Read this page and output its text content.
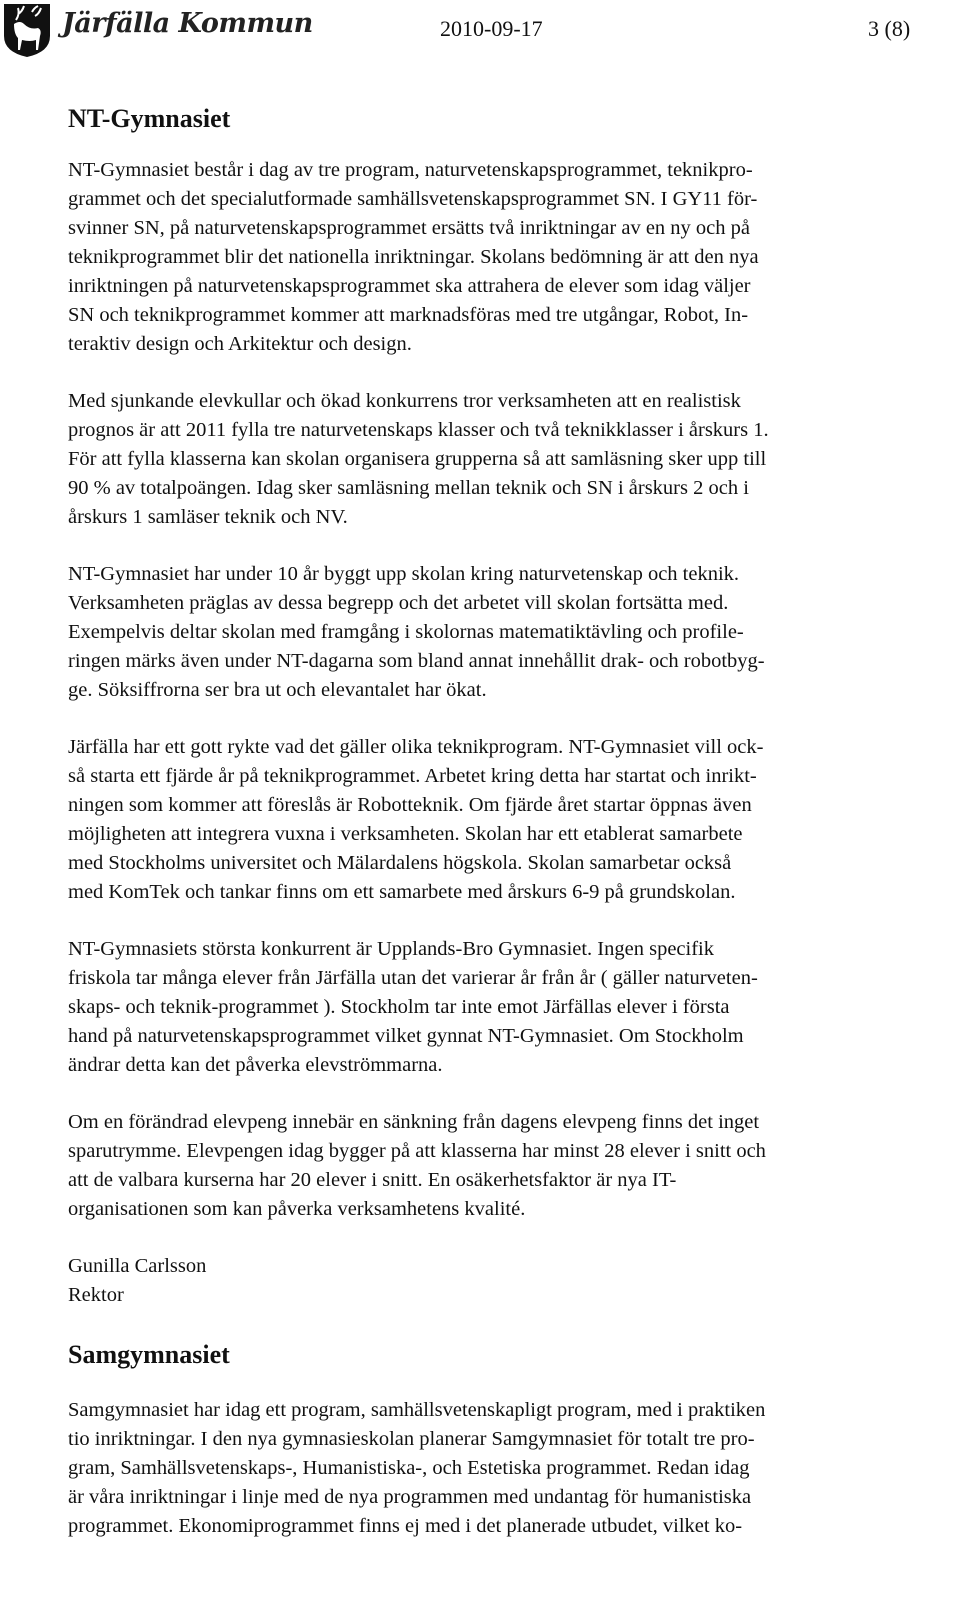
Järfälla Kommun	2010-09-17	3 (8)
NT-Gymnasiet

NT-Gymnasiet består i dag av tre program, naturvetenskapsprogrammet, teknikpro-
grammet och det specialutformade samhällsvetenskapsprogrammet SN. I GY11 för-
svinner SN, på naturvetenskapsprogrammet ersätts två inriktningar av en ny och på
teknikprogrammet blir det nationella inriktningar. Skolans bedömning är att den nya
inriktningen på naturvetenskapsprogrammet ska attrahera de elever som idag väljer
SN och teknikprogrammet kommer att marknadsföras med tre utgångar, Robot, In-
teraktiv design och Arkitektur och design.

Med sjunkande elevkullar och ökad konkurrens tror verksamheten att en realistisk
prognos är att 2011 fylla tre naturvetenskaps klasser och två teknikklasser i årskurs 1.
För att fylla klasserna kan skolan organisera grupperna så att samläsning sker upp till
90 % av totalpoängen. Idag sker samläsning mellan teknik och SN i årskurs 2 och i
årskurs 1 samläser teknik och NV.

NT-Gymnasiet har under 10 år byggt upp skolan kring naturvetenskap och teknik.
Verksamheten präglas av dessa begrepp och det arbetet vill skolan fortsätta med.
Exempelvis deltar skolan med framgång i skolornas matematiktävling och profile-
ringen märks även under NT-dagarna som bland annat innehållit drak- och robotbyg-
ge. Söksiffrorna ser bra ut och elevantalet har ökat.

Järfälla har ett gott rykte vad det gäller olika teknikprogram. NT-Gymnasiet vill ock-
så starta ett fjärde år på teknikprogrammet. Arbetet kring detta har startat och inrikt-
ningen som kommer att föreslås är Robotteknik. Om fjärde året startar öppnas även
möjligheten att integrera vuxna i verksamheten. Skolan har ett etablerat samarbete
med Stockholms universitet och Mälardalens högskola. Skolan samarbetar också
med KomTek och tankar finns om ett samarbete med årskurs 6-9 på grundskolan.

NT-Gymnasiets största konkurrent är Upplands-Bro Gymnasiet. Ingen specifik
friskola tar många elever från Järfälla utan det varierar år från år ( gäller naturveten-
skaps- och teknik-programmet ). Stockholm tar inte emot Järfällas elever i första
hand på naturvetenskapsprogrammet vilket gynnat NT-Gymnasiet. Om Stockholm
ändrar detta kan det påverka elevströmmarna.

Om en förändrad elevpeng innebär en sänkning från dagens elevpeng finns det inget
sparutrymme. Elevpengen idag bygger på att klasserna har minst 28 elever i snitt och
att de valbara kurserna har 20 elever i snitt. En osäkerhetsfaktor är nya IT-
organisationen som kan påverka verksamhetens kvalité.

Gunilla Carlsson
Rektor
Samgymnasiet

Samgymnasiet har idag ett program, samhällsvetenskapligt program, med i praktiken
tio inriktningar. I den nya gymnasieskolan planerar Samgymnasiet för totalt tre pro-
gram, Samhällsvetenskaps-, Humanistiska-, och Estetiska programmet. Redan idag
är våra inriktningar i linje med de nya programmen med undantag för humanistiska
programmet. Ekonomiprogrammet finns ej med i det planerade utbudet, vilket ko-
